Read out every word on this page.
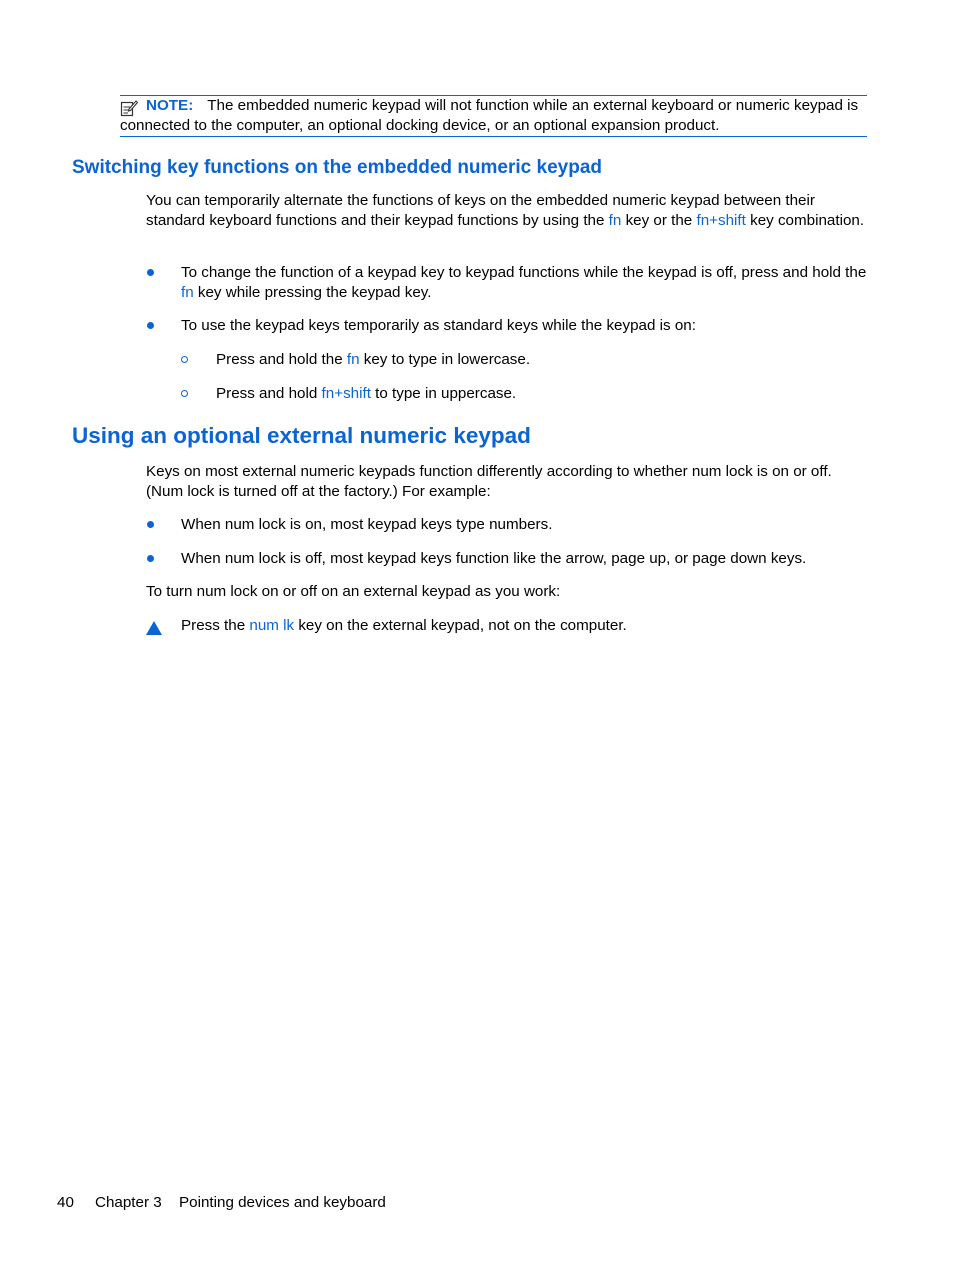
NOTE: The embedded numeric keypad will not function while an external keyboard or numeric keypad is connected to the computer, an optional docking device, or an optional expansion product.
Switching key functions on the embedded numeric keypad
You can temporarily alternate the functions of keys on the embedded numeric keypad between their standard keyboard functions and their keypad functions by using the fn key or the fn+shift key combination.
To change the function of a keypad key to keypad functions while the keypad is off, press and hold the fn key while pressing the keypad key.
To use the keypad keys temporarily as standard keys while the keypad is on:
Press and hold the fn key to type in lowercase.
Press and hold fn+shift to type in uppercase.
Using an optional external numeric keypad
Keys on most external numeric keypads function differently according to whether num lock is on or off. (Num lock is turned off at the factory.) For example:
When num lock is on, most keypad keys type numbers.
When num lock is off, most keypad keys function like the arrow, page up, or page down keys.
To turn num lock on or off on an external keypad as you work:
Press the num lk key on the external keypad, not on the computer.
40 Chapter 3 Pointing devices and keyboard
